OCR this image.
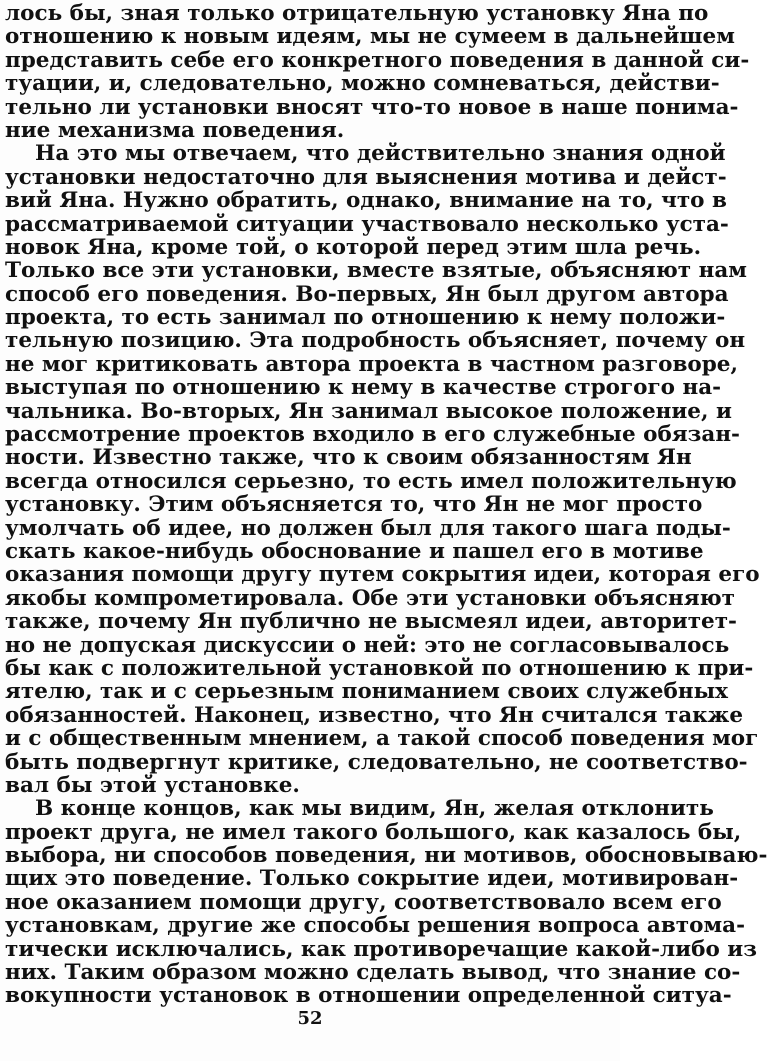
лось бы, зная только отрицательную установку Яна по
отношению к новым идеям, мы не сумеем в дальнейшем
представить себе его конкретного поведения в данной си-
туации, и, следовательно, можно сомневаться, действи-
тельно ли установки вносят что-то новое в наше понима-
ние механизма поведения.
На это мы отвечаем, что действительно знания одной
установки недостаточно для выяснения мотива и дейст-
вий Яна. Нужно обратить, однако, внимание на то, что в
рассматриваемой ситуации участвовало несколько уста-
новок Яна, кроме той, о которой перед этим шла речь.
Только все эти установки, вместе взятые, объясняют нам
способ его поведения. Во-первых, Ян был другом автора
проекта, то есть занимал по отношению к нему положи-
тельную позицию. Эта подробность объясняет, почему он
не мог критиковать автора проекта в частном разговоре,
выступая по отношению к нему в качестве строгого на-
чальника. Во-вторых, Ян занимал высокое положение, и
рассмотрение проектов входило в его служебные обязан-
ности. Известно также, что к своим обязанностям Ян
всегда относился серьезно, то есть имел положительную
установку. Этим объясняется то, что Ян не мог просто
умолчать об идее, но должен был для такого шага поды-
скать какое-нибудь обоснование и пашел его в мотиве
оказания помощи другу путем сокрытия идеи, которая его
якобы компрометировала. Обе эти установки объясняют
также, почему Ян публично не высмеял идеи, авторитет-
но не допуская дискуссии о ней: это не согласовывалось
бы как с положительной установкой по отношению к при-
ятелю, так и с серьезным пониманием своих служебных
обязанностей. Наконец, известно, что Ян считался также
и с общественным мнением, а такой способ поведения мог
быть подвергнут критике, следовательно, не соответство-
вал бы этой установке.
В конце концов, как мы видим, Ян, желая отклонить
проект друга, не имел такого большого, как казалось бы,
выбора, ни способов поведения, ни мотивов, обосновываю-
щих это поведение. Только сокрытие идеи, мотивирован-
ное оказанием помощи другу, соответствовало всем его
установкам, другие же способы решения вопроса автома-
тически исключались, как противоречащие какой-либо из
них. Таким образом можно сделать вывод, что знание со-
вокупности установок в отношении определенной ситуа-
52
